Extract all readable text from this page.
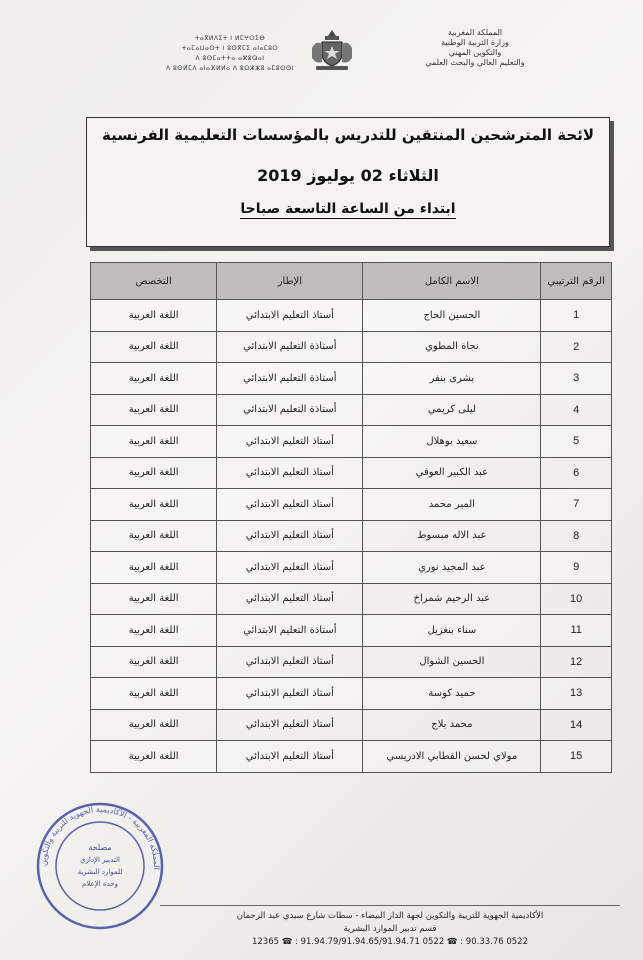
ⵜⴰⴳⵍⴷⵉⵜ ⵏ ⵍⵎⵖⵔⵉⴱ
ⵜⴰⵎⴰⵡⴰⵙⵜ ⵏ ⵓⵙⴳⵎⵉ ⴰⵏⴰⵎⵓⵔ
ⴷ ⵓⵙⵎⴰⵜⵜⴰ ⴰⵣⵓⵕⴰⵏ
ⴷ ⵓⵙⵍⵎⴷ ⴰⵏⴰⴼⵍⵍⴰ ⴷ ⵓⵔⵣⵣⵓ ⴰⵎⵓⵙⵙⵏ
المملكة المغربية
وزارة التربية الوطنية
والتكوين المهني
والتعليم العالي والبحث العلمي
لائحة المترشحين المنتقين للتدريس بالمؤسسات التعليمية الفرنسية
الثلاثاء 02 يوليوز 2019
ابتداء من الساعة التاسعة صباحا
الرقم الترتيبي	الاسم الكامل	الإطار	التخصص
1	الحسين الحاج	أستاذ التعليم الابتدائي	اللغة العربية
2	نجاة المطوي	أستاذة التعليم الابتدائي	اللغة العربية
3	بشرى بنفر	أستاذة التعليم الابتدائي	اللغة العربية
4	ليلى كريمي	أستاذة التعليم الابتدائي	اللغة العربية
5	سعيد بوهلال	أستاذ التعليم الابتدائي	اللغة العربية
6	عبد الكبير العوفي	أستاذ التعليم الابتدائي	اللغة العربية
7	المير محمد	أستاذ التعليم الابتدائي	اللغة العربية
8	عبد الاله مبسوط	أستاذ التعليم الابتدائي	اللغة العربية
9	عبد المجيد نوري	أستاذ التعليم الابتدائي	اللغة العربية
10	عبد الرحيم شمراخ	أستاذ التعليم الابتدائي	اللغة العربية
11	سناء بنغزيل	أستاذة التعليم الابتدائي	اللغة العربية
12	الحسين الشوال	أستاذ التعليم الابتدائي	اللغة العربية
13	حميد كوسة	أستاذ التعليم الابتدائي	اللغة العربية
14	محمد بلاج	أستاذ التعليم الابتدائي	اللغة العربية
15	مولاي لحسن القطابي الادريسي	أستاذ التعليم الابتدائي	اللغة العربية
المملكة المغربية - الأكاديمية الجهوية للتربية والتكوين
مصلحة
التدبير الإداري
للموارد البشرية
وحدة الإعلام
الأكاديمية الجهوية للتربية والتكوين لجهة الدار البيضاء - سطات شارع سيدي عبد الرحمان
قسم تدبير الموارد البشرية
0522 90.33.76 : ☎ 0522 91.94.79/91.94.65/91.94.71 : ☎ 12365
